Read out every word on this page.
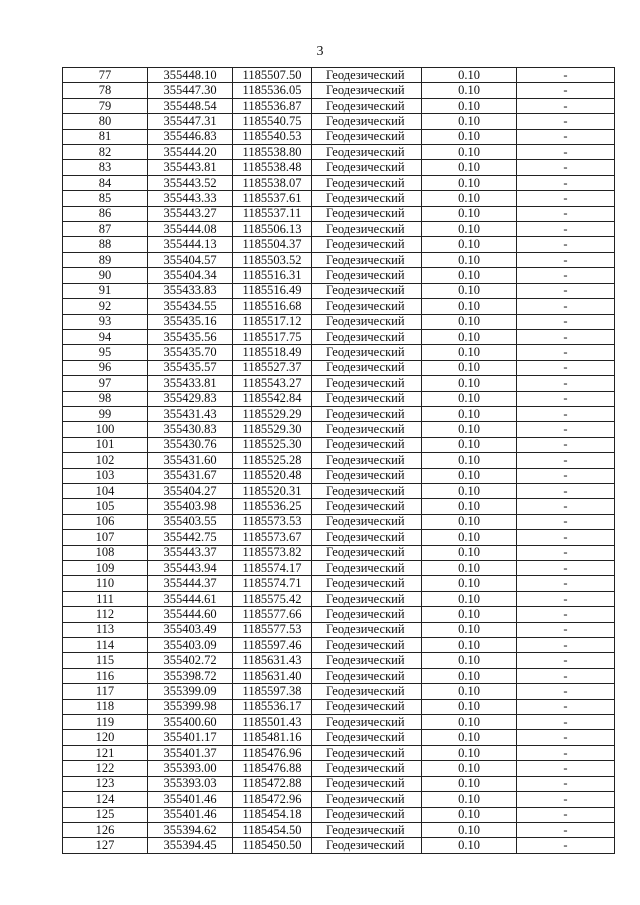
3
77	355448.10	1185507.50	Геодезический	0.10	-
78	355447.30	1185536.05	Геодезический	0.10	-
79	355448.54	1185536.87	Геодезический	0.10	-
80	355447.31	1185540.75	Геодезический	0.10	-
81	355446.83	1185540.53	Геодезический	0.10	-
82	355444.20	1185538.80	Геодезический	0.10	-
83	355443.81	1185538.48	Геодезический	0.10	-
84	355443.52	1185538.07	Геодезический	0.10	-
85	355443.33	1185537.61	Геодезический	0.10	-
86	355443.27	1185537.11	Геодезический	0.10	-
87	355444.08	1185506.13	Геодезический	0.10	-
88	355444.13	1185504.37	Геодезический	0.10	-
89	355404.57	1185503.52	Геодезический	0.10	-
90	355404.34	1185516.31	Геодезический	0.10	-
91	355433.83	1185516.49	Геодезический	0.10	-
92	355434.55	1185516.68	Геодезический	0.10	-
93	355435.16	1185517.12	Геодезический	0.10	-
94	355435.56	1185517.75	Геодезический	0.10	-
95	355435.70	1185518.49	Геодезический	0.10	-
96	355435.57	1185527.37	Геодезический	0.10	-
97	355433.81	1185543.27	Геодезический	0.10	-
98	355429.83	1185542.84	Геодезический	0.10	-
99	355431.43	1185529.29	Геодезический	0.10	-
100	355430.83	1185529.30	Геодезический	0.10	-
101	355430.76	1185525.30	Геодезический	0.10	-
102	355431.60	1185525.28	Геодезический	0.10	-
103	355431.67	1185520.48	Геодезический	0.10	-
104	355404.27	1185520.31	Геодезический	0.10	-
105	355403.98	1185536.25	Геодезический	0.10	-
106	355403.55	1185573.53	Геодезический	0.10	-
107	355442.75	1185573.67	Геодезический	0.10	-
108	355443.37	1185573.82	Геодезический	0.10	-
109	355443.94	1185574.17	Геодезический	0.10	-
110	355444.37	1185574.71	Геодезический	0.10	-
111	355444.61	1185575.42	Геодезический	0.10	-
112	355444.60	1185577.66	Геодезический	0.10	-
113	355403.49	1185577.53	Геодезический	0.10	-
114	355403.09	1185597.46	Геодезический	0.10	-
115	355402.72	1185631.43	Геодезический	0.10	-
116	355398.72	1185631.40	Геодезический	0.10	-
117	355399.09	1185597.38	Геодезический	0.10	-
118	355399.98	1185536.17	Геодезический	0.10	-
119	355400.60	1185501.43	Геодезический	0.10	-
120	355401.17	1185481.16	Геодезический	0.10	-
121	355401.37	1185476.96	Геодезический	0.10	-
122	355393.00	1185476.88	Геодезический	0.10	-
123	355393.03	1185472.88	Геодезический	0.10	-
124	355401.46	1185472.96	Геодезический	0.10	-
125	355401.46	1185454.18	Геодезический	0.10	-
126	355394.62	1185454.50	Геодезический	0.10	-
127	355394.45	1185450.50	Геодезический	0.10	-
